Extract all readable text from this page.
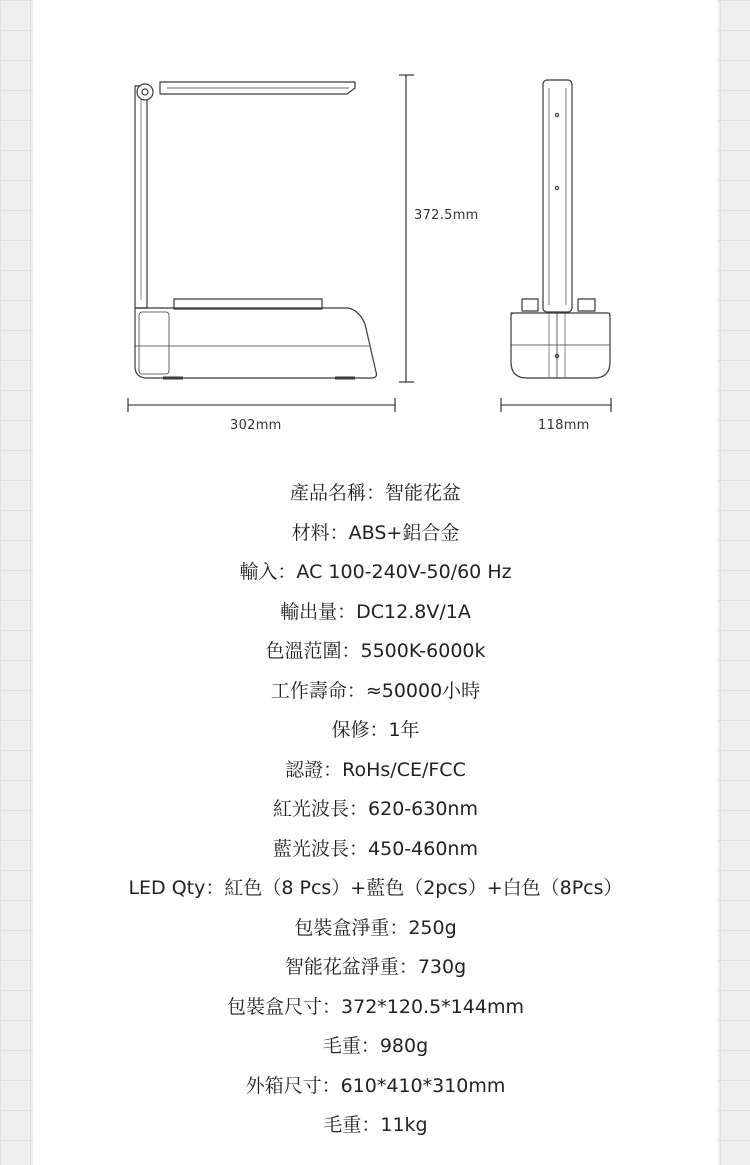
372.5mm
302mm	118mm
產品名稱：智能花盆
材料：ABS+鋁合金
輸入：AC 100-240V-50/60 Hz
輸出量：DC12.8V/1A
色溫范圍：5500K-6000k
工作壽命：≈50000小時
保修：1年
認證：RoHs/CE/FCC
紅光波長：620-630nm
藍光波長：450-460nm
LED Qty：紅色（8 Pcs）+藍色（2pcs）+白色（8Pcs）
包裝盒淨重：250g
智能花盆淨重：730g
包裝盒尺寸：372*120.5*144mm
毛重：980g
外箱尺寸：610*410*310mm
毛重：11kg
